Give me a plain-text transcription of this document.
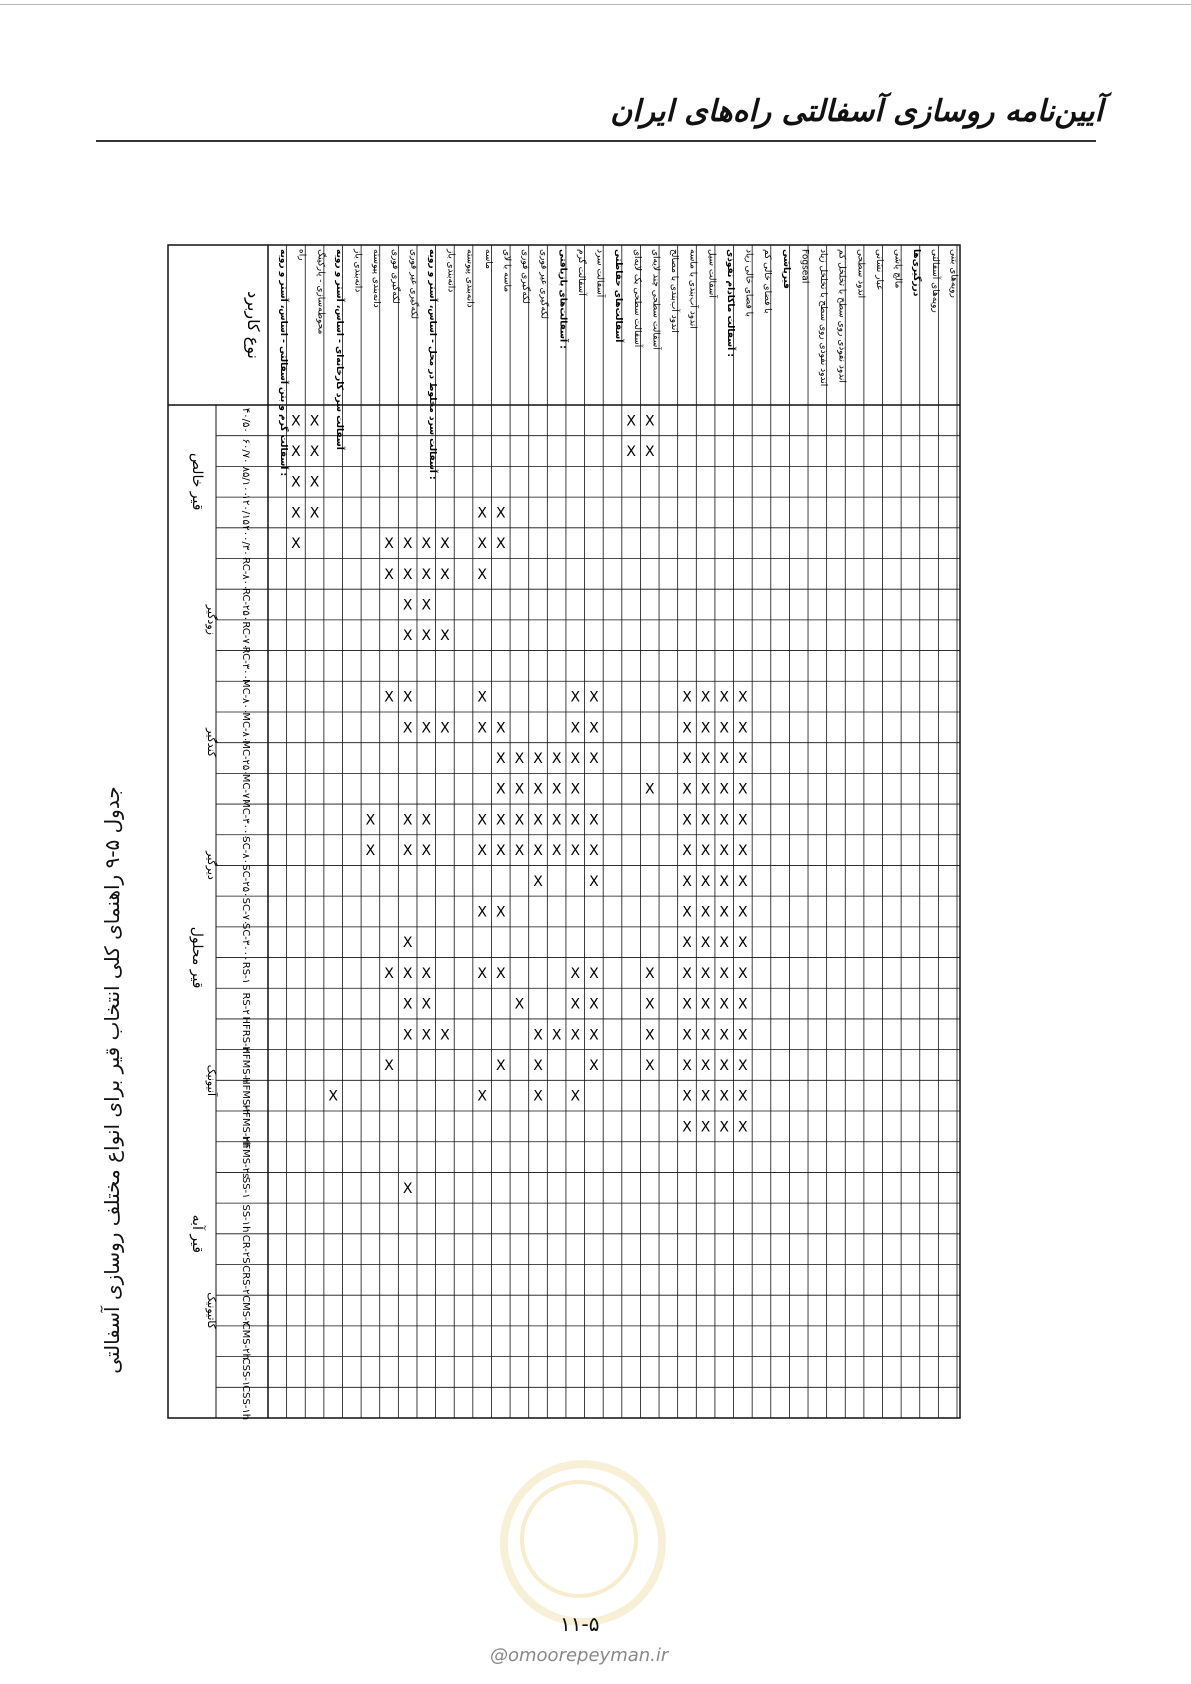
آیین‌نامه روسازی آسفالتی راه‌های ایران
جدول ۵-۹ راهنمای کلی انتخاب قیر برای انواع مختلف روسازی آسفالتی
آسفالت گرم و بتن آسفالتی - اساس، آستر و رویه :
راه محوطه‌سازی - پارکینگ آسفالت سرد کارخانه‌ای - اساس، آستر و رویه دانه‌بندی باز دانه‌بندی پیوسته لکه‌گیری فوری لکه‌گیری غیر فوری آسفالت سرد مخلوط در محل - اساس، آستر و رویه :
دانه‌بندی باز دانه‌بندی پیوسته ماسه ماسه با لای لکه‌گیری فوری لکه‌گیری غیر فوری آسفالت‌های بازیافتی :
آسفالت گرم آسفالت سرد آسفالت‌های حفاظتی آسفالت سطحی یک لایه‌ای آسفالت سطحی چند لایه‌ای اندود آب‌بندی با مصالح اندود آب‌بندی با ماسه آسفالت سیل آسفالت ماکادام نفوذی :
با فضای خالی زیاد با فضای خالی کم قیرپاشی Fogseal اندود نفوذی روی سطح با تخلخل زیاد اندود نفوذی روی سطح با تخلخل کم اندود سطحی غبار نشانی مالچ پاشی درزگیری‌ها رویه‌های آسفالتی رویه‌های بتنی
نوع کاربرد
۴۰/۵۰
۶۰/۷۰
۸۵/۱۰۰
۱۲۰/۱۵۰
۲۰۰/۳۰۰
RC-۸۰۰
RC-۲۵۰
RC-۷۰
RC-۳۰۰۰
MC-۸۰۰
MC-۸۰
MC-۲۵۰
MC-۷۰
MC-۳۰۰۰
SC-۸۰
SC-۲۵۰
SC-۷۰
SC-۳۰۰۰
RS-۱
RS-۲
HFRS-۲
HFMS-۱
HFMS-۲
HFMS-۲h
HFMS-۲s
SS-۱
SS-۱h
CR-۲S
CRS-۲
CMS-۲
CMS-۲h
CSS-۱
CSS-۱h
قیر خالص
قیر محلول
قیر آبه
زودگیر
کندگیر
دیرگیر
آنیونیک
کاتیونیک
X
X
X
X
X
X
X
X
X
X
X
X
X
X
X
X
X
X
X
X
X
X
X
X
X
X
X
X
X
X
X
X
X
X
X
X
X
X
X
X
X
X
X
X
X
X
X
X
X
X
X
X
X
X
X
X
X
X
X
X
X
X
X
X
X
X
X
X
X
X
X
X
X
X
X
X
X
X
X
X
X
X
X
X
X
X
X
X
X
X
X
X
X
X
X
X
X
X
X
X
X
X
X
X
X
X
X
X
X
X
X
X
X
X
X
X
X
X
X
X
X
X
X
X
X
X
X
X
X
X
X
X
X
X
X
X
X
X
X
X
X
X
X
X
X
X
X
X
X
X
X
X
X
X
X
X
X
X
X
X
X
X
X
X
X
X
X
X
X
X
X
X
۱۱-۵
@omoorepeyman.ir
